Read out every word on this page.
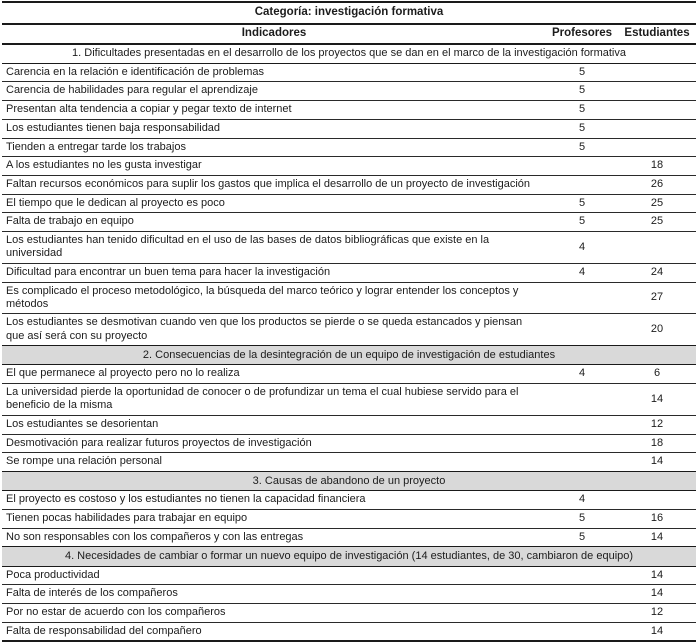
Categoría: investigación formativa		
Indicadores	Profesores	Estudiantes
1. Dificultades presentadas en el desarrollo de los proyectos que se dan en el marco de la investigación formativa		
Carencia en la relación e identificación de problemas	5	
Carencia de habilidades para regular el aprendizaje	5	
Presentan alta tendencia a copiar y pegar texto de internet	5	
Los estudiantes tienen baja responsabilidad	5	
Tienden a entregar tarde los trabajos	5	
A los estudiantes no les gusta investigar		18
Faltan recursos económicos para suplir los gastos que implica el desarrollo de un proyecto de investigación		26
El tiempo que le dedican al proyecto es poco	5	25
Falta de trabajo en equipo	5	25
Los estudiantes han tenido dificultad en el uso de las bases de datos bibliográficas que existe en la universidad	4	
Dificultad para encontrar un buen tema para hacer la investigación	4	24
Es complicado el proceso metodológico, la búsqueda del marco teórico y lograr entender los conceptos y métodos		27
Los estudiantes se desmotivan cuando ven que los productos se pierde o se queda estancados y piensan que así será con su proyecto		20
2. Consecuencias de la desintegración de un equipo de investigación de estudiantes		
El que permanece al proyecto pero no lo realiza	4	6
La universidad pierde la oportunidad de conocer o de profundizar un tema el cual hubiese servido para el beneficio de la misma		14
Los estudiantes se desorientan		12
Desmotivación para realizar futuros proyectos de investigación		18
Se rompe una relación personal		14
3. Causas de abandono de un proyecto		
El proyecto es costoso y los estudiantes no tienen la capacidad financiera	4	
Tienen pocas habilidades para trabajar en equipo	5	16
No son responsables con los compañeros y con las entregas	5	14
4. Necesidades de cambiar o formar un nuevo equipo de investigación (14 estudiantes, de 30, cambiaron de equipo)		
Poca productividad		14
Falta de interés de los compañeros		14
Por no estar de acuerdo con los compañeros		12
Falta de responsabilidad del compañero		14
